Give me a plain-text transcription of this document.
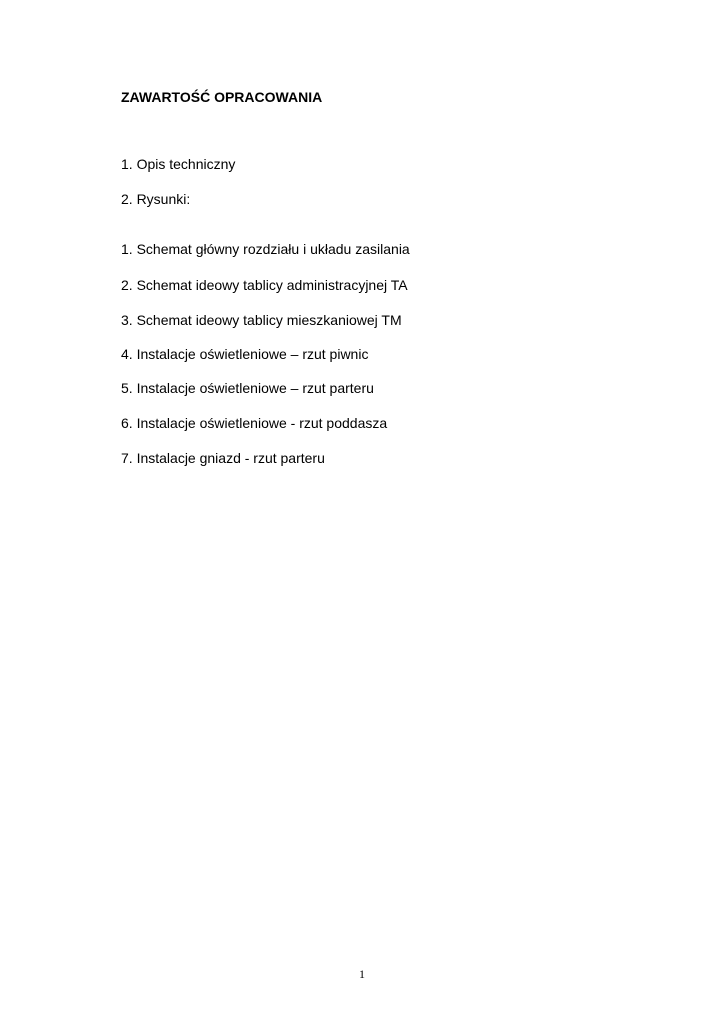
ZAWARTOŚĆ OPRACOWANIA
1. Opis techniczny
2. Rysunki:
1. Schemat główny rozdziału i układu zasilania
2. Schemat ideowy tablicy administracyjnej TA
3. Schemat ideowy tablicy mieszkaniowej TM
4. Instalacje oświetleniowe – rzut piwnic
5. Instalacje oświetleniowe – rzut parteru
6. Instalacje oświetleniowe - rzut poddasza
7. Instalacje gniazd - rzut parteru
1
